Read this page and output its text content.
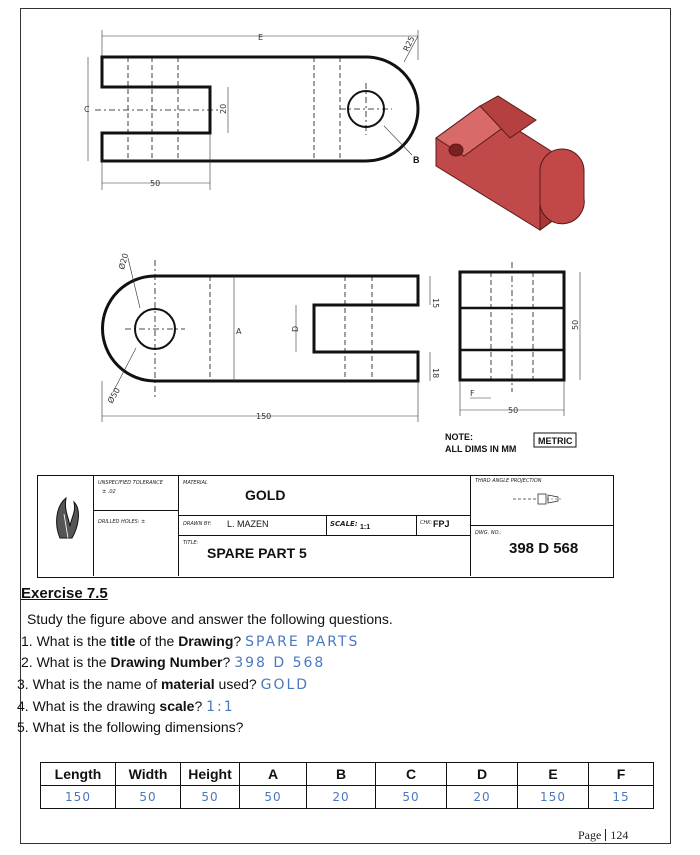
E
C	20
50
R25
B
150
A	D
15
18
Ø20
Ø50
50
50
F
NOTE:
ALL DIMS IN MM
METRIC
UNSPECIFIED TOLERANCE
± .02
DRILLED HOLES: ±
MATERIAL
GOLD
DRAWN BY: L. MAZEN	SCALE: 1:1
CHK: FPJ
TITLE:
SPARE PART 5
THIRD ANGLE PROJECTION
DWG. NO.:
398 D 568
Exercise 7.5
Study the figure above and answer the following questions.
1. What is the title of the Drawing? SPARE PARTS
2. What is the Drawing Number? 398 D 568
3. What is the name of material used? GOLD
4. What is the drawing scale? 1:1
5. What is the following dimensions?
Length	Width	Height	A	B	C	D	E	F
150	50	50	50	20	50	20	150	15
Page 124
